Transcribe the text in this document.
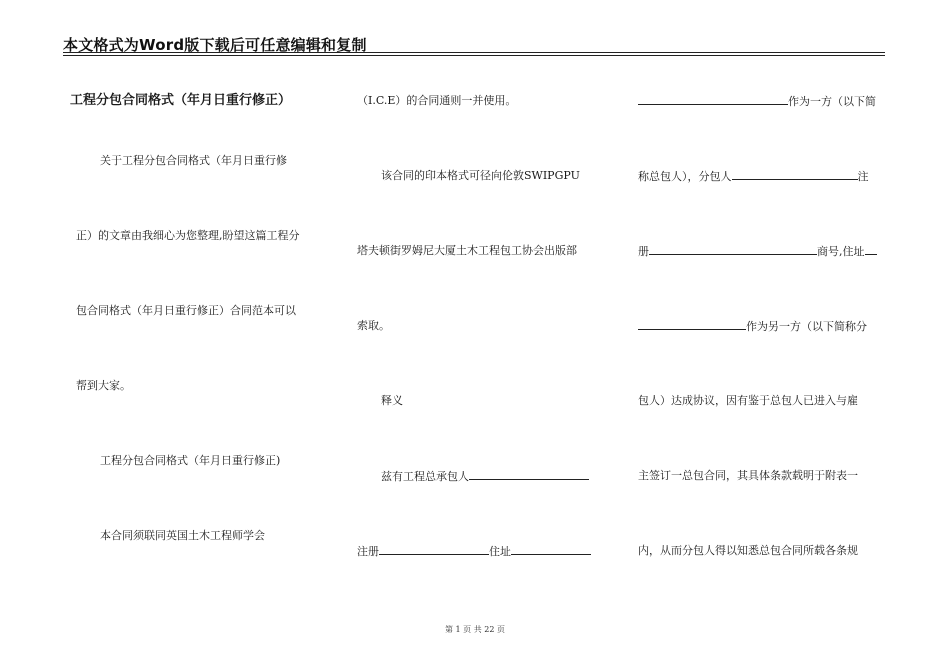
本文格式为Word版下载后可任意编辑和复制
工程分包合同格式（年月日重行修正）
关于工程分包合同格式（年月日重行修
正）的文章由我细心为您整理,盼望这篇工程分
包合同格式（年月日重行修正）合同范本可以
帮到大家。
工程分包合同格式（年月日重行修正)
本合同须联同英国土木工程师学会
（I.C.E）的合同通则一并使用。
该合同的印本格式可径向伦敦SWIPGPU
塔夫顿街罗姆尼大厦土木工程包工协会出版部
索取。
释义
兹有工程总承包人
注册	住址
作为一方（以下简
称总包人），分包人	注
册	商号,住址
作为另一方（以下简称分
包人）达成协议，因有鉴于总包人已进入与雇
主签订一总包合同，其具体条款载明于附表一
内，从而分包人得以知悉总包合同所载各条规
第 1 页 共 22 页
